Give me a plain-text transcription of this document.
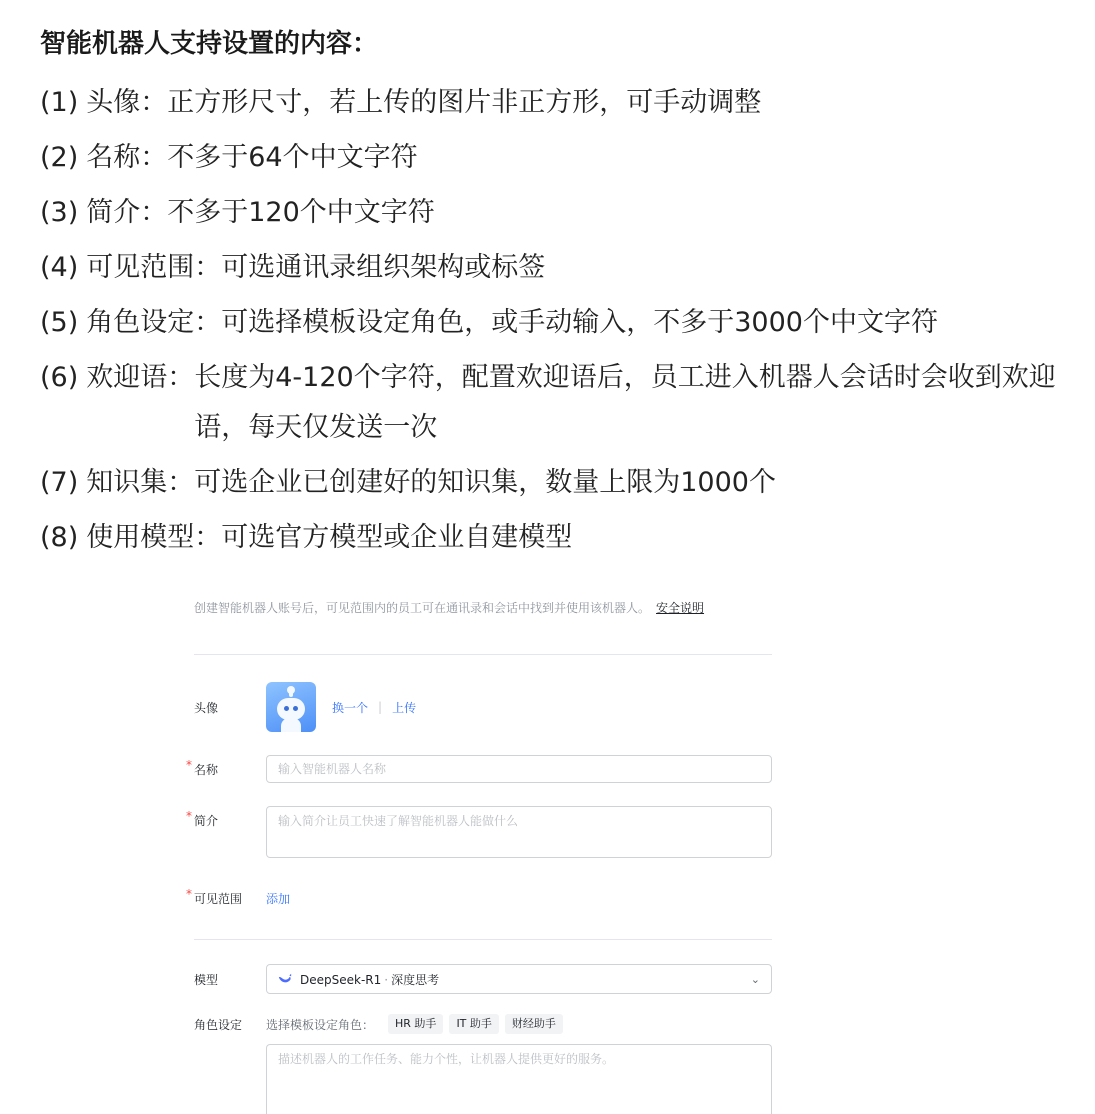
智能机器人支持设置的内容：
(1) 头像： 正方形尺寸，若上传的图片非正方形，可手动调整
(2) 名称： 不多于64个中文字符
(3) 简介： 不多于120个中文字符
(4) 可见范围： 可选通讯录组织架构或标签
(5) 角色设定： 可选择模板设定角色，或手动输入，不多于3000个中文字符
(6) 欢迎语： 长度为4-120个字符，配置欢迎语后，员工进入机器人会话时会收到欢迎语，每天仅发送一次
(7) 知识集： 可选企业已创建好的知识集，数量上限为1000个
(8) 使用模型： 可选官方模型或企业自建模型
创建智能机器人账号后，可见范围内的员工可在通讯录和会话中找到并使用该机器人。 安全说明
头像	换一个 | 上传
* 名称	输入智能机器人名称
* 简介	输入简介让员工快速了解智能机器人能做什么
* 可见范围	添加
模型	DeepSeek-R1 · 深度思考	⌄
角色设定	选择模板设定角色：	HR 助手	IT 助手	财经助手
描述机器人的工作任务、能力个性，让机器人提供更好的服务。
